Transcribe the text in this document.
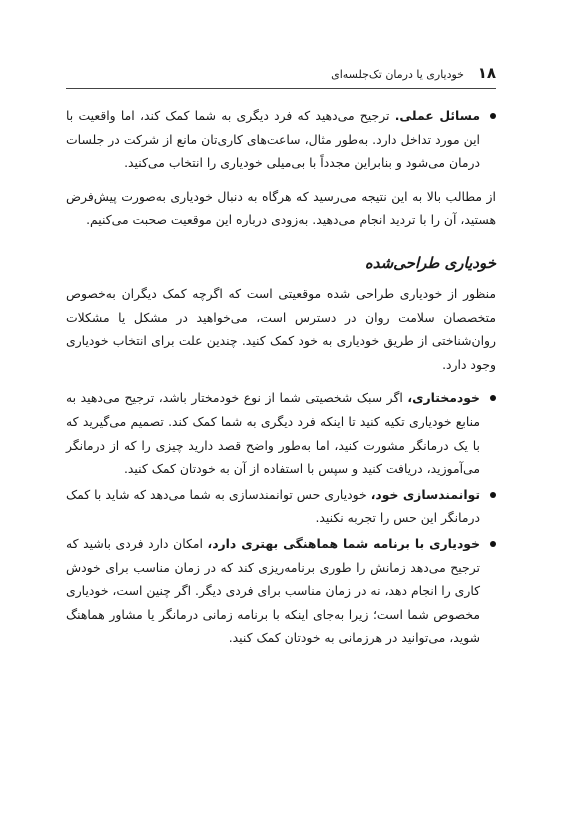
۱۸
خودیاری یا درمان تک‌جلسه‌ای

مسائل عملی. ترجیح می‌دهید که فرد دیگری به شما کمک کند، اما واقعیت با این مورد تداخل دارد. به‌طور مثال، ساعت‌های کاری‌تان مانع از شرکت در جلسات درمان می‌شود و بنابراین مجدداً با بی‌میلی خودیاری را انتخاب می‌کنید.

از مطالب بالا به این نتیجه می‌رسید که هرگاه به دنبال خودیاری به‌صورت پیش‌فرض هستید، آن را با تردید انجام می‌دهید. به‌زودی درباره این موقعیت صحبت می‌کنیم.

خودیاری طراحی‌شده

منظور از خودیاری طراحی شده موقعیتی است که اگرچه کمک دیگران به‌خصوص متخصصان سلامت روان در دسترس است، می‌خواهید در مشکل یا مشکلات روان‌شناختی از طریق خودیاری به خود کمک کنید. چندین علت برای انتخاب خودیاری وجود دارد.

خودمختاری، اگر سبک شخصیتی شما از نوع خودمختار باشد، ترجیح می‌دهید به منابع خودیاری تکیه کنید تا اینکه فرد دیگری به شما کمک کند. تصمیم می‌گیرید که با یک درمانگر مشورت کنید، اما به‌طور واضح قصد دارید چیزی را که از درمانگر می‌آموزید، دریافت کنید و سپس با استفاده از آن به خودتان کمک کنید.

توانمندسازی خود، خودیاری حس توانمندسازی به شما می‌دهد که شاید با کمک درمانگر این حس را تجربه نکنید.

خودیاری با برنامه شما هماهنگی بهتری دارد، امکان دارد فردی باشید که ترجیح می‌دهد زمانش را طوری برنامه‌ریزی کند که در زمان مناسب برای خودش کاری را انجام دهد، نه در زمان مناسب برای فردی دیگر. اگر چنین است، خودیاری مخصوص شما است؛ زیرا به‌جای اینکه با برنامه زمانی درمانگر یا مشاور هماهنگ شوید، می‌توانید در هرزمانی به خودتان کمک کنید.
